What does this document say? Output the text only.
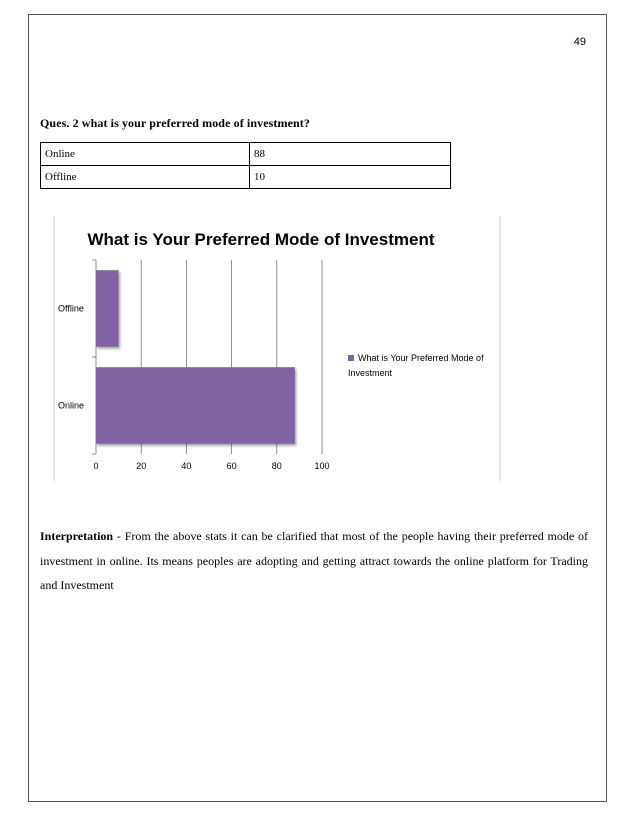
49
Ques. 2 what is your preferred mode of investment?
Online	88
Offline	10
What is Your Preferred Mode of Investment
Online
Offline
0	20	40	60	80	100
What is Your Preferred Mode of Investment
Interpretation - From the above stats it can be clarified that most of the people having their preferred mode of investment in online. Its means peoples are adopting and getting attract towards the online platform for Trading and Investment
